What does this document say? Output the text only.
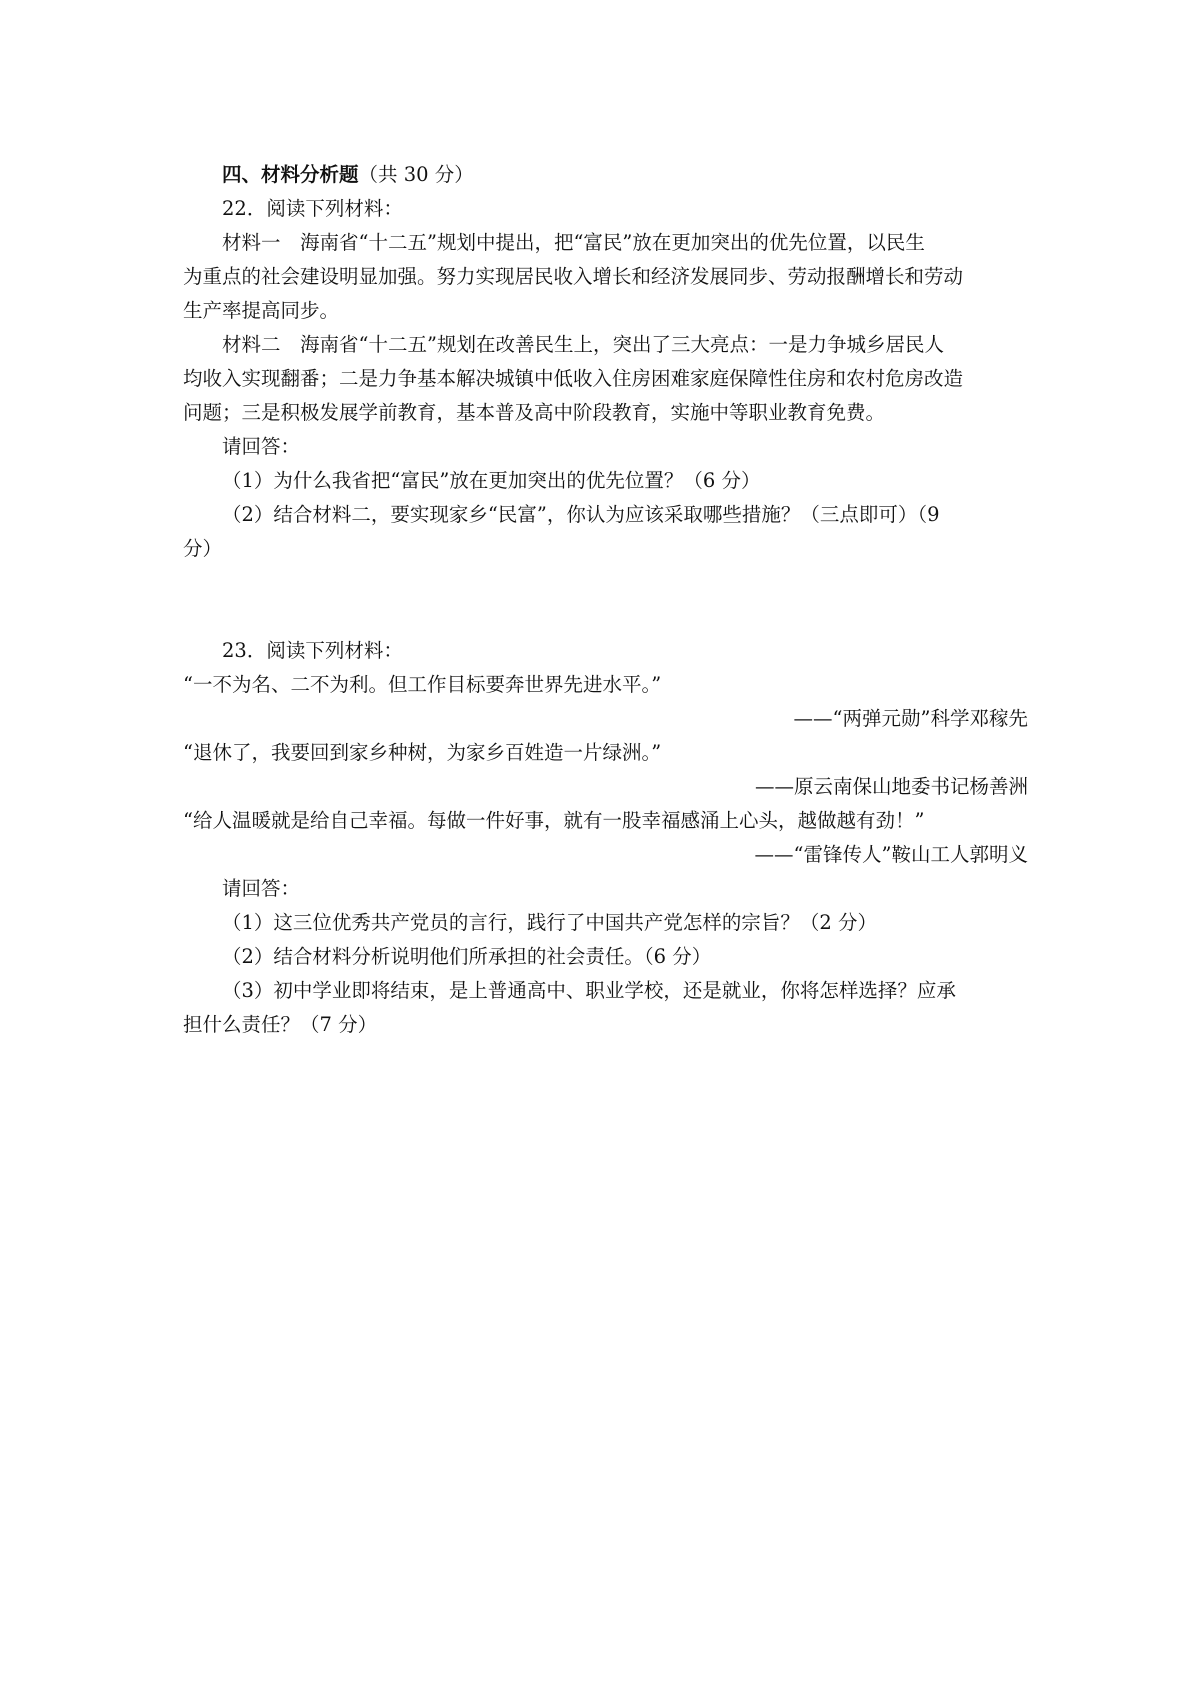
四、材料分析题（共 30 分）
22．阅读下列材料：
材料一　海南省“十二五”规划中提出，把“富民”放在更加突出的优先位置，以民生
为重点的社会建设明显加强。努力实现居民收入增长和经济发展同步、劳动报酬增长和劳动
生产率提高同步。
材料二　海南省“十二五”规划在改善民生上，突出了三大亮点：一是力争城乡居民人
均收入实现翻番；二是力争基本解决城镇中低收入住房困难家庭保障性住房和农村危房改造
问题；三是积极发展学前教育，基本普及高中阶段教育，实施中等职业教育免费。
请回答：
（1）为什么我省把“富民”放在更加突出的优先位置？（6 分）
（2）结合材料二，要实现家乡“民富”，你认为应该采取哪些措施？（三点即可）（9
分）
23．阅读下列材料：
“一不为名、二不为利。但工作目标要奔世界先进水平。”
——“两弹元勋”科学邓稼先
“退休了，我要回到家乡种树，为家乡百姓造一片绿洲。”
——原云南保山地委书记杨善洲
“给人温暖就是给自己幸福。每做一件好事，就有一股幸福感涌上心头，越做越有劲！”
——“雷锋传人”鞍山工人郭明义
请回答：
（1）这三位优秀共产党员的言行，践行了中国共产党怎样的宗旨？（2 分）
（2）结合材料分析说明他们所承担的社会责任。（6 分）
（3）初中学业即将结束，是上普通高中、职业学校，还是就业，你将怎样选择？应承
担什么责任？（7 分）
